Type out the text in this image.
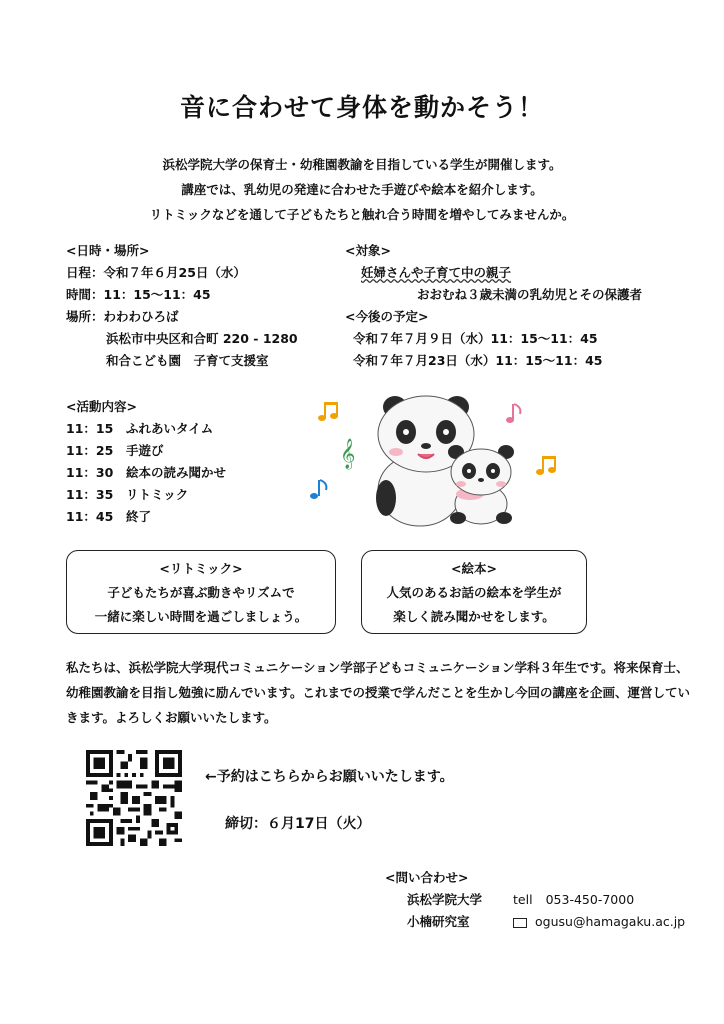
音に合わせて身体を動かそう！
浜松学院大学の保育士・幼稚園教諭を目指している学生が開催します。
講座では、乳幼児の発達に合わせた手遊びや絵本を紹介します。
リトミックなどを通して子どもたちと触れ合う時間を増やしてみませんか。
<日時・場所>
日程：令和７年６月25日（水）
時間：11：15〜11：45
場所：わわわひろば
浜松市中央区和合町 220 - 1280
和合こども園　子育て支援室
<対象>
妊婦さんや子育て中の親子
おおむね３歳未満の乳幼児とその保護者
<今後の予定>
令和７年７月９日（水）11：15〜11：45
令和７年７月23日（水）11：15〜11：45
<活動内容>
11：15 ふれあいタイム
11：25 手遊び
11：30 絵本の読み聞かせ
11：35 リトミック
11：45 終了
𝄞
<リトミック>
子どもたちが喜ぶ動きやリズムで
一緒に楽しい時間を過ごしましょう。
<絵本>
人気のあるお話の絵本を学生が
楽しく読み聞かせをします。
私たちは、浜松学院大学現代コミュニケーション学部子どもコミュニケーション学科３年生です。将来保育士、幼稚園教諭を目指し勉強に励んでいます。これまでの授業で学んだことを生かし今回の講座を企画、運営していきます。よろしくお願いいたします。
←予約はこちらからお願いいたします。
締切：６月17日（火）
<問い合わせ>
浜松学院大学 tell 053-450-7000
小楠研究室	ogusu@hamagaku.ac.jp
